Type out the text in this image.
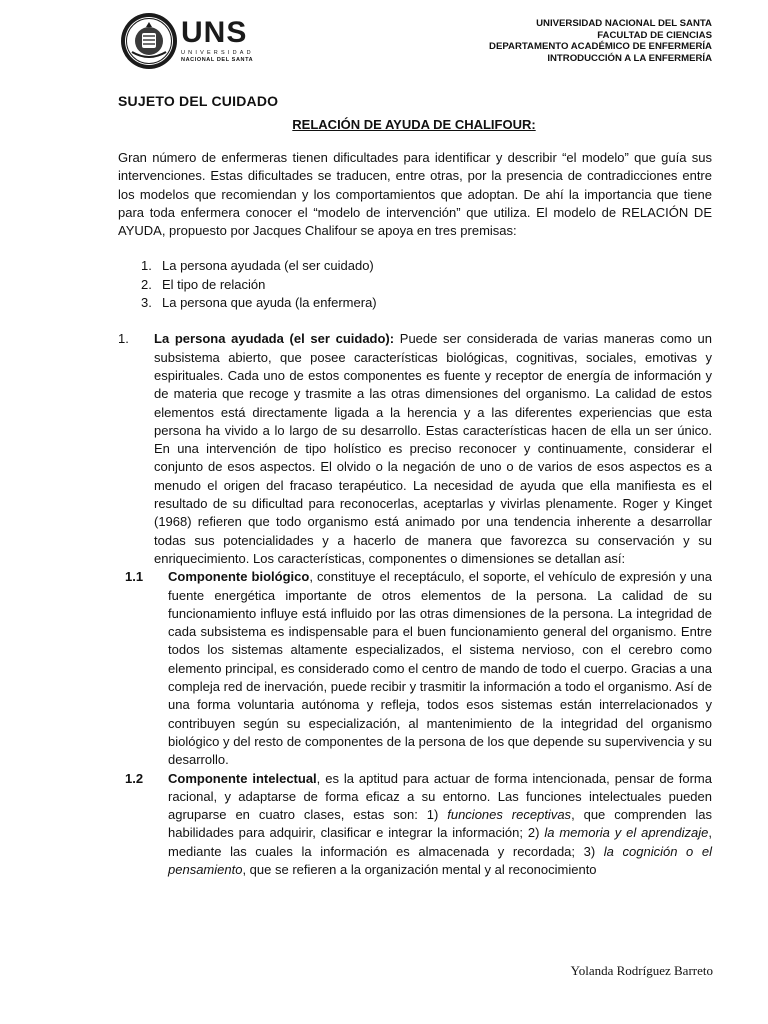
UNS
UNIVERSIDAD
NACIONAL DEL SANTA
UNIVERSIDAD NACIONAL DEL SANTA
FACULTAD DE CIENCIAS
DEPARTAMENTO ACADÉMICO DE ENFERMERÍA
INTRODUCCIÓN A LA ENFERMERÍA
SUJETO DEL CUIDADO
RELACIÓN DE AYUDA DE CHALIFOUR:

Gran número de enfermeras tienen dificultades para identificar y describir “el modelo” que guía sus intervenciones. Estas dificultades se traducen, entre otras, por la presencia de contradicciones entre los modelos que recomiendan y los comportamientos que adoptan. De ahí la importancia que tiene para toda enfermera conocer el “modelo de intervención” que utiliza. El modelo de RELACIÓN DE AYUDA, propuesto por Jacques Chalifour se apoya en tres premisas:

1. La persona ayudada (el ser cuidado)
2. El tipo de relación
3. La persona que ayuda (la enfermera)
1. La persona ayudada (el ser cuidado): Puede ser considerada de varias maneras como un subsistema abierto, que posee características biológicas, cognitivas, sociales, emotivas y espirituales. Cada uno de estos componentes es fuente y receptor de energía de información y de materia que recoge y trasmite a las otras dimensiones del organismo. La calidad de estos elementos está directamente ligada a la herencia y a las diferentes experiencias que esta persona ha vivido a lo largo de su desarrollo. Estas características hacen de ella un ser único. En una intervención de tipo holístico es preciso reconocer y continuamente, considerar el conjunto de esos aspectos. El olvido o la negación de uno o de varios de esos aspectos es a menudo el origen del fracaso terapéutico. La necesidad de ayuda que ella manifiesta es el resultado de su dificultad para reconocerlas, aceptarlas y vivirlas plenamente. Roger y Kinget (1968) refieren que todo organismo está animado por una tendencia inherente a desarrollar todas sus potencialidades y a hacerlo de manera que favorezca su conservación y su enriquecimiento. Los características, componentes o dimensiones se detallan así:

1.1 Componente biológico, constituye el receptáculo, el soporte, el vehículo de expresión y una fuente energética importante de otros elementos de la persona. La calidad de su funcionamiento influye está influido por las otras dimensiones de la persona. La integridad de cada subsistema es indispensable para el buen funcionamiento general del organismo. Entre todos los sistemas altamente especializados, el sistema nervioso, con el cerebro como elemento principal, es considerado como el centro de mando de todo el cuerpo. Gracias a una compleja red de inervación, puede recibir y trasmitir la información a todo el organismo. Así de una forma voluntaria autónoma y refleja, todos esos sistemas están interrelacionados y contribuyen según su especialización, al mantenimiento de la integridad del organismo biológico y del resto de componentes de la persona de los que depende su supervivencia y su desarrollo.

1.2 Componente intelectual, es la aptitud para actuar de forma intencionada, pensar de forma racional, y adaptarse de forma eficaz a su entorno. Las funciones intelectuales pueden agruparse en cuatro clases, estas son: 1) funciones receptivas, que comprenden las habilidades para adquirir, clasificar e integrar la información; 2) la memoria y el aprendizaje, mediante las cuales la información es almacenada y recordada; 3) la cognición o el pensamiento, que se refieren a la organización mental y al reconocimiento

Yolanda Rodríguez Barreto
